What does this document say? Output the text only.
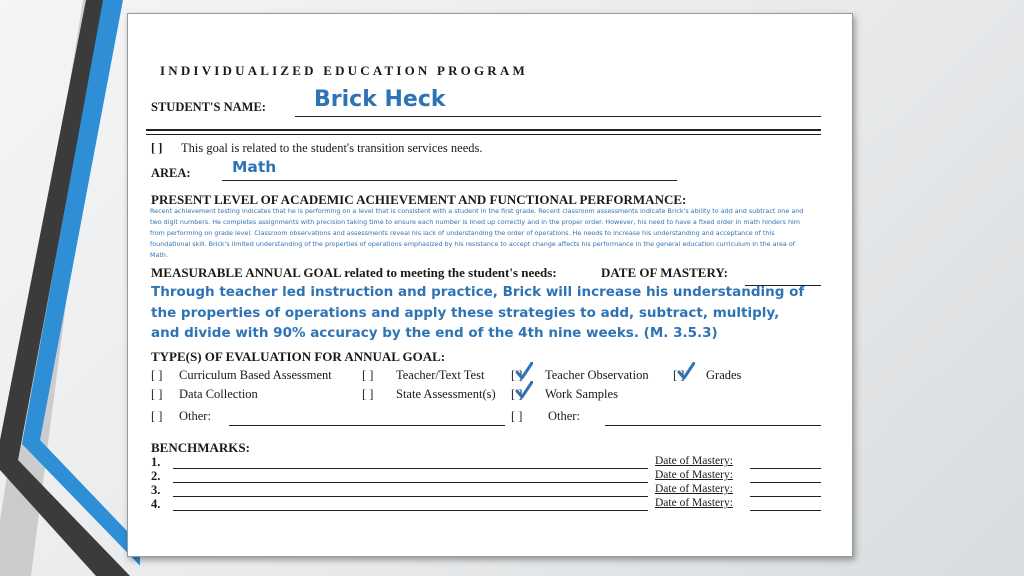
INDIVIDUALIZED EDUCATION PROGRAM
STUDENT'S NAME: Brick Heck
[ ] This goal is related to the student's transition services needs.
AREA:	Math
PRESENT LEVEL OF ACADEMIC ACHIEVEMENT AND FUNCTIONAL PERFORMANCE:
Recent achievement testing indicates that he is performing on a level that is consistent with a student in the first grade. Recent classroom assessments indicate Brick's ability to add and subtract one and two digit numbers. He completes assignments with precision taking time to ensure each number is lined up correctly and in the proper order. However, his need to have a fixed order in math hinders him from performing on grade level. Classroom observations and assessments reveal his lack of understanding the order of operations. He needs to increase his understanding and acceptance of this foundational skill. Brick's limited understanding of the properties of operations emphasized by his resistance to accept change affects his performance in the general education curriculum in the area of Math.
MEASURABLE ANNUAL GOAL related to meeting the student's needs:	DATE OF MASTERY:
Through teacher led instruction and practice, Brick will increase his understanding of the properties of operations and apply these strategies to add, subtract, multiply, and divide with 90% accuracy by the end of the 4th nine weeks. (M. 3.5.3)
TYPE(S) OF EVALUATION FOR ANNUAL GOAL:
[ ] Curriculum Based Assessment [ ] Teacher/Text Test [ ] Teacher Observation [ ] Grades
[ ] Data Collection	[ ] State Assessment(s) [ ] Work Samples
[ ] Other:	[ ] Other:
BENCHMARKS:
1.	Date of Mastery:
2.	Date of Mastery:
3.	Date of Mastery:
4.	Date of Mastery:
